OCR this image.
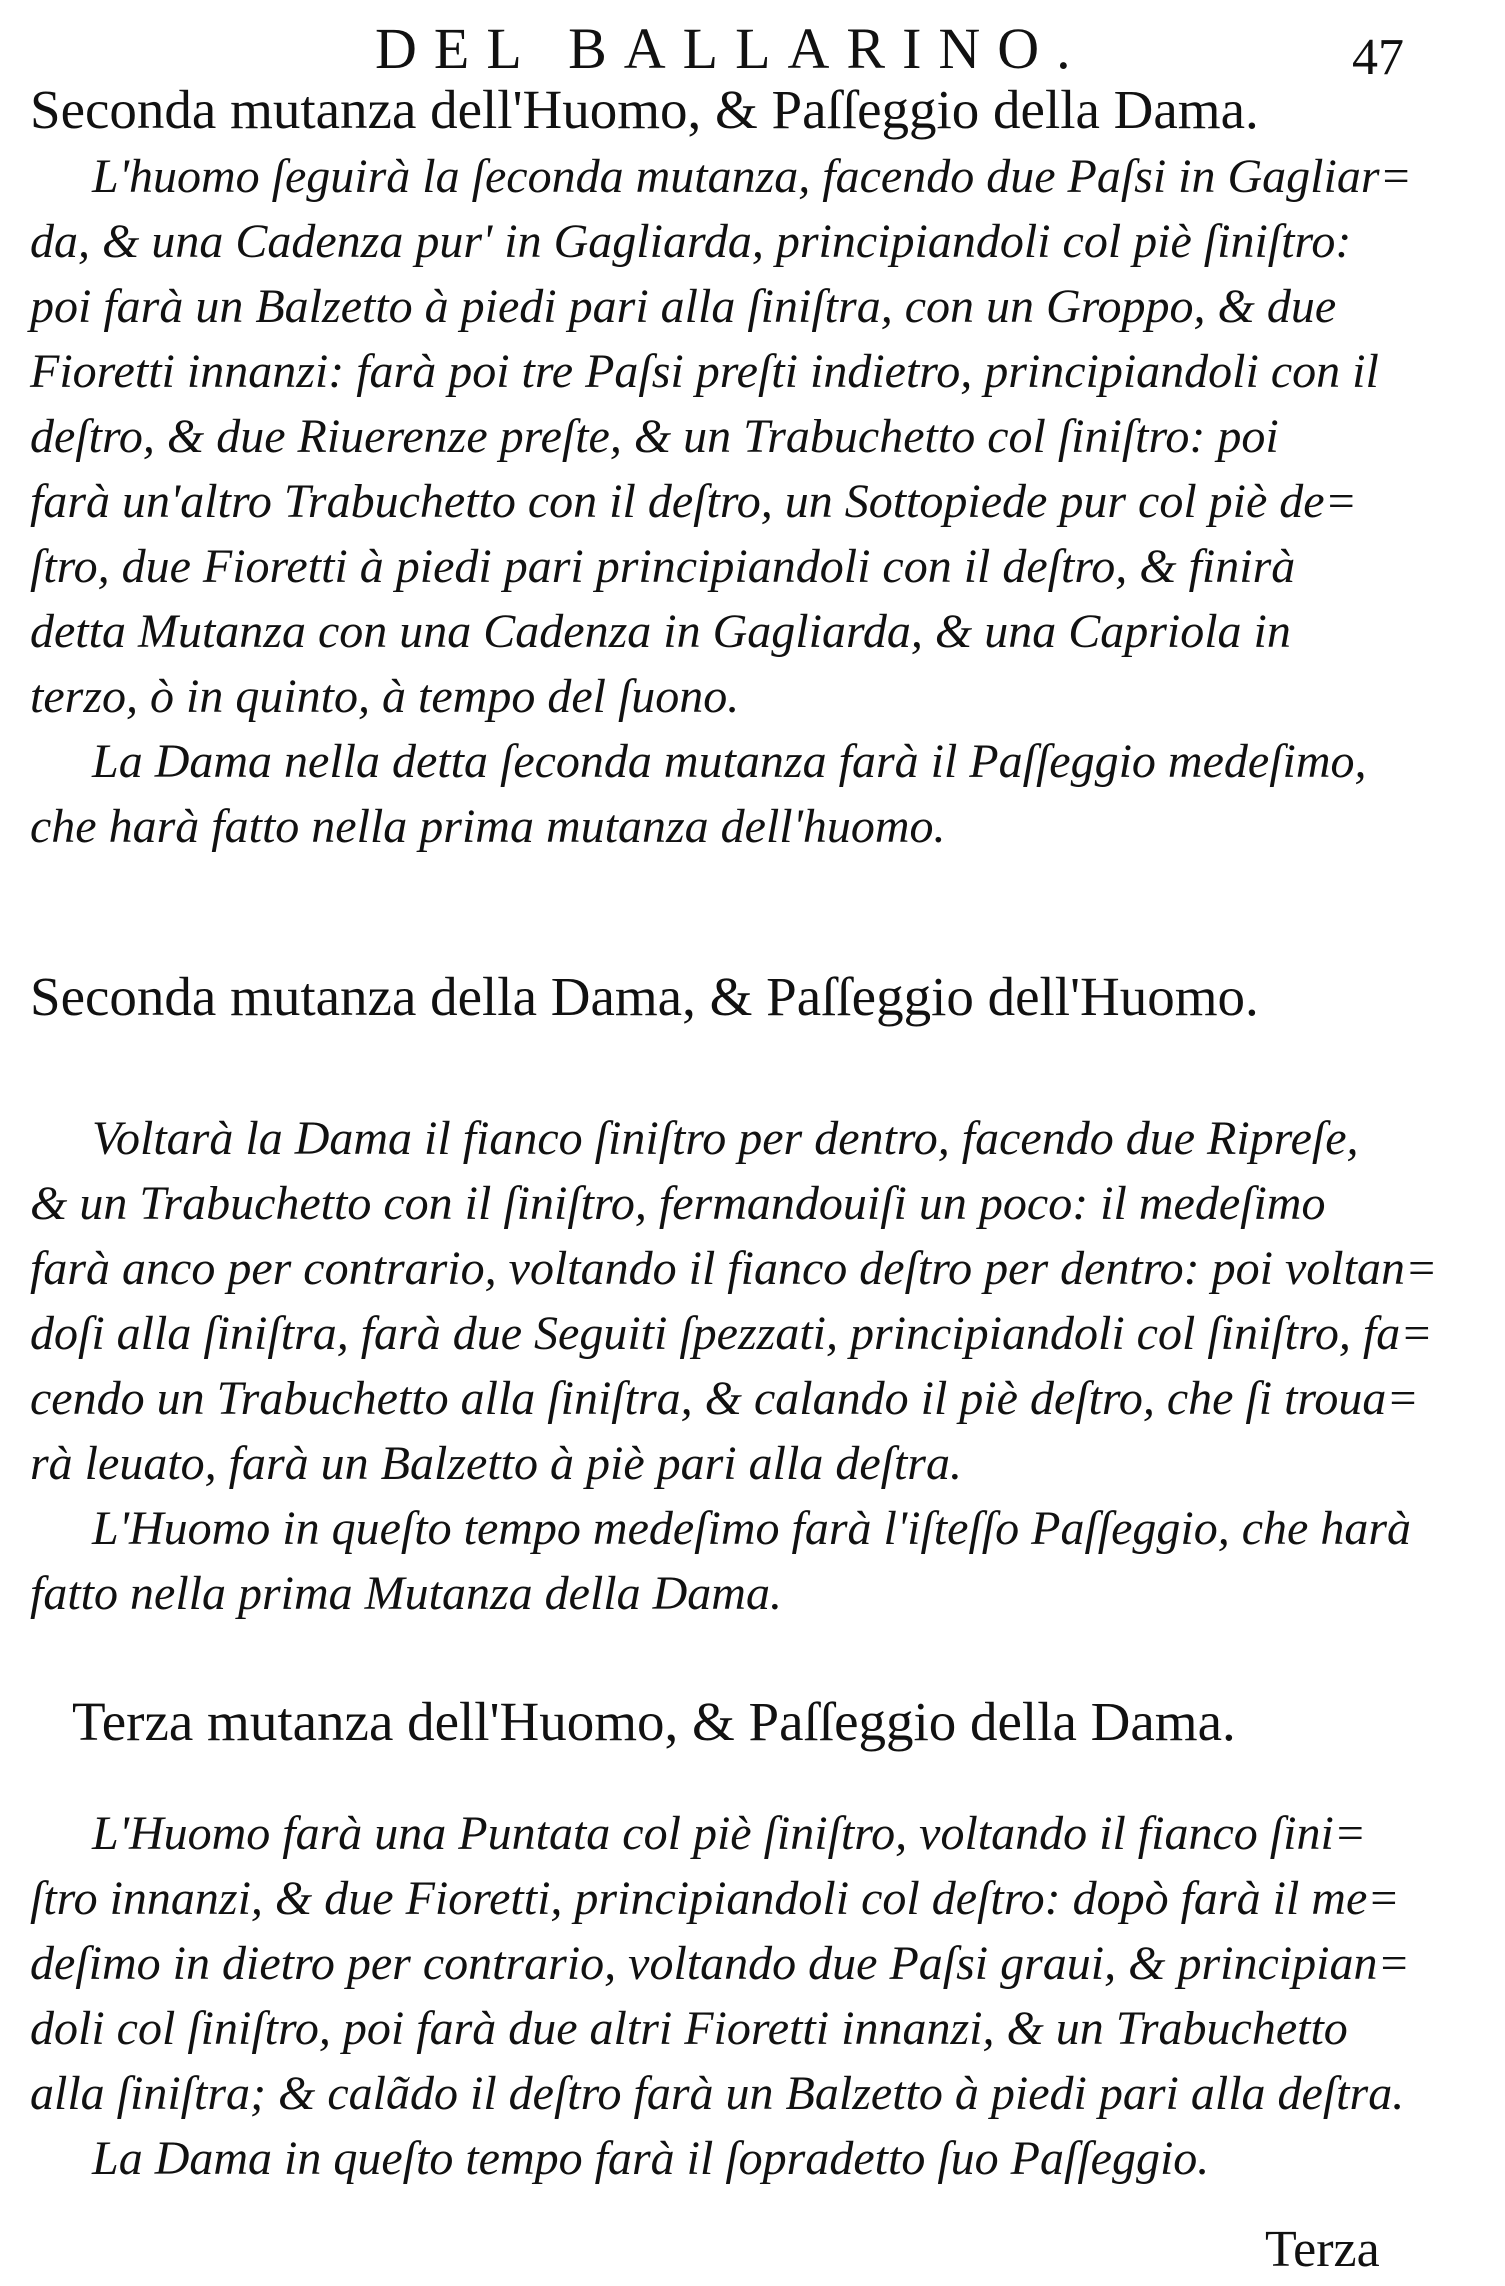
DEL BALLARINO.	47
Seconda mutanza dell'Huomo, & Paſſeggio della Dama.
L'huomo ſeguirà la ſeconda mutanza, facendo due Paſsi in Gagliar=
da, & una Cadenza pur' in Gagliarda, principiandoli col piè ſiniſtro:
poi farà un Balzetto à piedi pari alla ſiniſtra, con un Groppo, & due
Fioretti innanzi: farà poi tre Paſsi preſti indietro, principiandoli con il
deſtro, & due Riuerenze preſte, & un Trabuchetto col ſiniſtro: poi
farà un'altro Trabuchetto con il deſtro, un Sottopiede pur col piè de=
ſtro, due Fioretti à piedi pari principiandoli con il deſtro, & finirà
detta Mutanza con una Cadenza in Gagliarda, & una Capriola in
terzo, ò in quinto, à tempo del ſuono.
La Dama nella detta ſeconda mutanza farà il Paſſeggio medeſimo,
che harà fatto nella prima mutanza dell'huomo.
Seconda mutanza della Dama, & Paſſeggio dell'Huomo.
Voltarà la Dama il fianco ſiniſtro per dentro, facendo due Ripreſe,
& un Trabuchetto con il ſiniſtro, fermandouiſi un poco: il medeſimo
farà anco per contrario, voltando il fianco deſtro per dentro: poi voltan=
doſi alla ſiniſtra, farà due Seguiti ſpezzati, principiandoli col ſiniſtro, fa=
cendo un Trabuchetto alla ſiniſtra, & calando il piè deſtro, che ſi troua=
rà leuato, farà un Balzetto à piè pari alla deſtra.
L'Huomo in queſto tempo medeſimo farà l'iſteſſo Paſſeggio, che harà
fatto nella prima Mutanza della Dama.
Terza mutanza dell'Huomo, & Paſſeggio della Dama.
L'Huomo farà una Puntata col piè ſiniſtro, voltando il fianco ſini=
ſtro innanzi, & due Fioretti, principiandoli col deſtro: dopò farà il me=
deſimo in dietro per contrario, voltando due Paſsi graui, & principian=
doli col ſiniſtro, poi farà due altri Fioretti innanzi, & un Trabuchetto
alla ſiniſtra; & calãdo il deſtro farà un Balzetto à piedi pari alla deſtra.
La Dama in queſto tempo farà il ſopradetto ſuo Paſſeggio.
Terza
